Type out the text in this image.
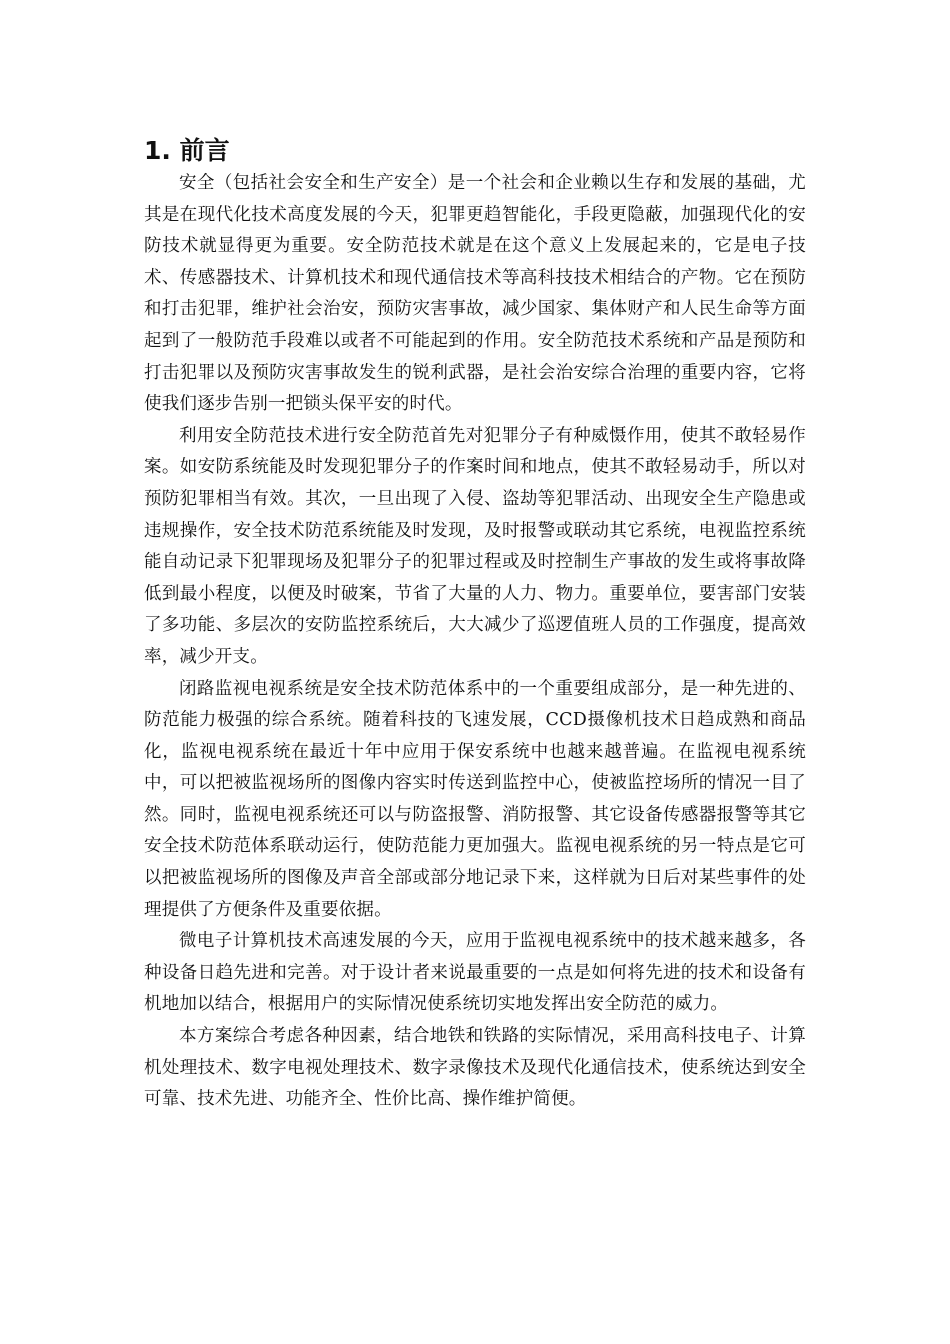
1. 前言

安全（包括社会安全和生产安全）是一个社会和企业赖以生存和发展的基础，尤其是在现代化技术高度发展的今天，犯罪更趋智能化，手段更隐蔽，加强现代化的安防技术就显得更为重要。安全防范技术就是在这个意义上发展起来的，它是电子技术、传感器技术、计算机技术和现代通信技术等高科技技术相结合的产物。它在预防和打击犯罪，维护社会治安，预防灾害事故，减少国家、集体财产和人民生命等方面起到了一般防范手段难以或者不可能起到的作用。安全防范技术系统和产品是预防和打击犯罪以及预防灾害事故发生的锐利武器，是社会治安综合治理的重要内容，它将使我们逐步告别一把锁头保平安的时代。

利用安全防范技术进行安全防范首先对犯罪分子有种威慑作用，使其不敢轻易作案。如安防系统能及时发现犯罪分子的作案时间和地点，使其不敢轻易动手，所以对预防犯罪相当有效。其次，一旦出现了入侵、盗劫等犯罪活动、出现安全生产隐患或违规操作，安全技术防范系统能及时发现，及时报警或联动其它系统，电视监控系统能自动记录下犯罪现场及犯罪分子的犯罪过程或及时控制生产事故的发生或将事故降低到最小程度，以便及时破案，节省了大量的人力、物力。重要单位，要害部门安装了多功能、多层次的安防监控系统后，大大减少了巡逻值班人员的工作强度，提高效率，减少开支。

闭路监视电视系统是安全技术防范体系中的一个重要组成部分，是一种先进的、防范能力极强的综合系统。随着科技的飞速发展，CCD摄像机技术日趋成熟和商品化，监视电视系统在最近十年中应用于保安系统中也越来越普遍。在监视电视系统中，可以把被监视场所的图像内容实时传送到监控中心，使被监控场所的情况一目了然。同时，监视电视系统还可以与防盗报警、消防报警、其它设备传感器报警等其它安全技术防范体系联动运行，使防范能力更加强大。监视电视系统的另一特点是它可以把被监视场所的图像及声音全部或部分地记录下来，这样就为日后对某些事件的处理提供了方便条件及重要依据。

微电子计算机技术高速发展的今天，应用于监视电视系统中的技术越来越多，各种设备日趋先进和完善。对于设计者来说最重要的一点是如何将先进的技术和设备有机地加以结合，根据用户的实际情况使系统切实地发挥出安全防范的威力。

本方案综合考虑各种因素，结合地铁和铁路的实际情况，采用高科技电子、计算机处理技术、数字电视处理技术、数字录像技术及现代化通信技术，使系统达到安全可靠、技术先进、功能齐全、性价比高、操作维护简便。
